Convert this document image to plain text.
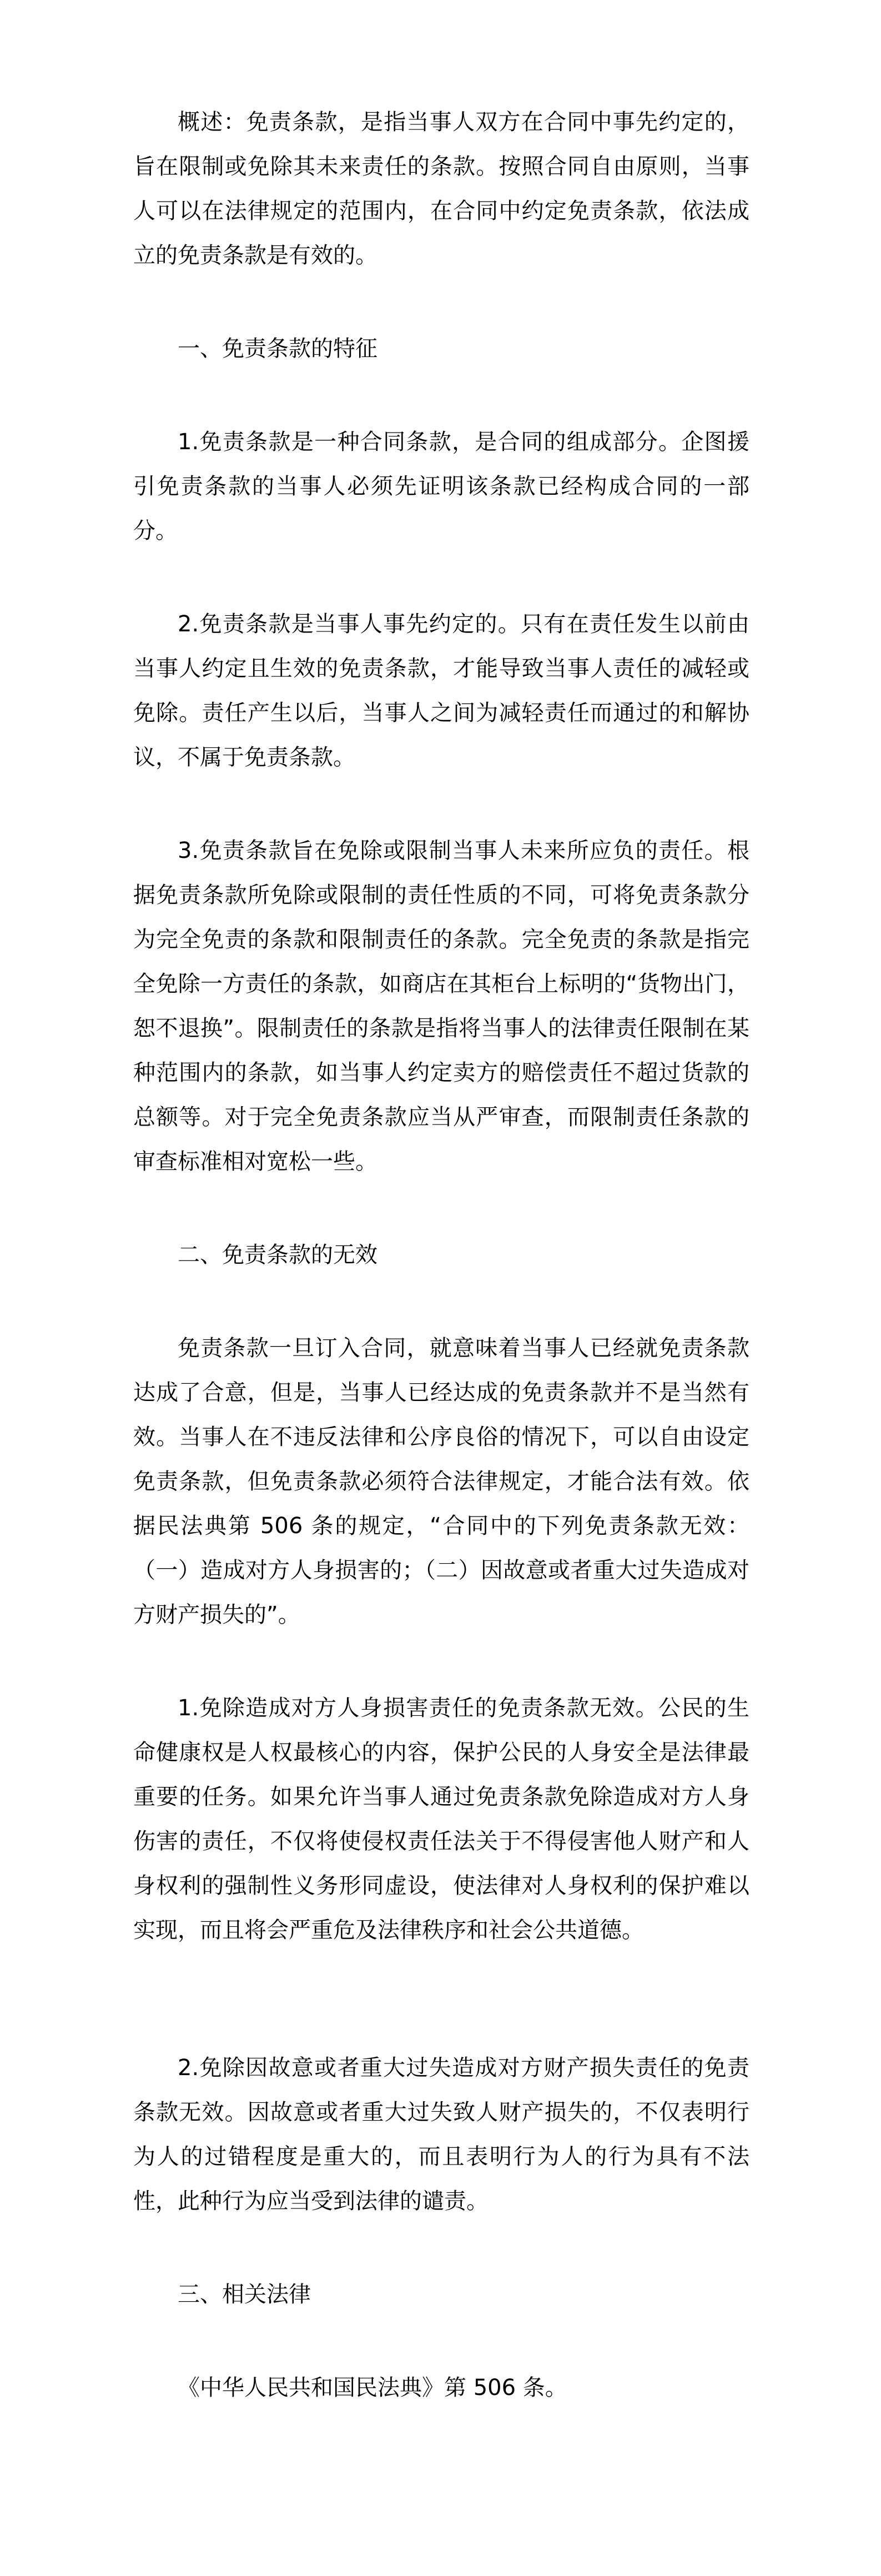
概述：免责条款，是指当事人双方在合同中事先约定的，旨在限制或免除其未来责任的条款。按照合同自由原则，当事人可以在法律规定的范围内，在合同中约定免责条款，依法成立的免责条款是有效的。

一、免责条款的特征

1.免责条款是一种合同条款，是合同的组成部分。企图援引免责条款的当事人必须先证明该条款已经构成合同的一部分。

2.免责条款是当事人事先约定的。只有在责任发生以前由当事人约定且生效的免责条款，才能导致当事人责任的减轻或免除。责任产生以后，当事人之间为减轻责任而通过的和解协议，不属于免责条款。

3.免责条款旨在免除或限制当事人未来所应负的责任。根据免责条款所免除或限制的责任性质的不同，可将免责条款分为完全免责的条款和限制责任的条款。完全免责的条款是指完全免除一方责任的条款，如商店在其柜台上标明的“货物出门，恕不退换”。限制责任的条款是指将当事人的法律责任限制在某种范围内的条款，如当事人约定卖方的赔偿责任不超过货款的总额等。对于完全免责条款应当从严审查，而限制责任条款的审查标准相对宽松一些。

二、免责条款的无效

免责条款一旦订入合同，就意味着当事人已经就免责条款达成了合意，但是，当事人已经达成的免责条款并不是当然有效。当事人在不违反法律和公序良俗的情况下，可以自由设定免责条款，但免责条款必须符合法律规定，才能合法有效。依据民法典第 506 条的规定，“合同中的下列免责条款无效：（一）造成对方人身损害的；（二）因故意或者重大过失造成对方财产损失的”。

1.免除造成对方人身损害责任的免责条款无效。公民的生命健康权是人权最核心的内容，保护公民的人身安全是法律最重要的任务。如果允许当事人通过免责条款免除造成对方人身伤害的责任，不仅将使侵权责任法关于不得侵害他人财产和人身权利的强制性义务形同虚设，使法律对人身权利的保护难以实现，而且将会严重危及法律秩序和社会公共道德。

2.免除因故意或者重大过失造成对方财产损失责任的免责条款无效。因故意或者重大过失致人财产损失的，不仅表明行为人的过错程度是重大的，而且表明行为人的行为具有不法性，此种行为应当受到法律的谴责。

三、相关法律

《中华人民共和国民法典》第 506 条。
